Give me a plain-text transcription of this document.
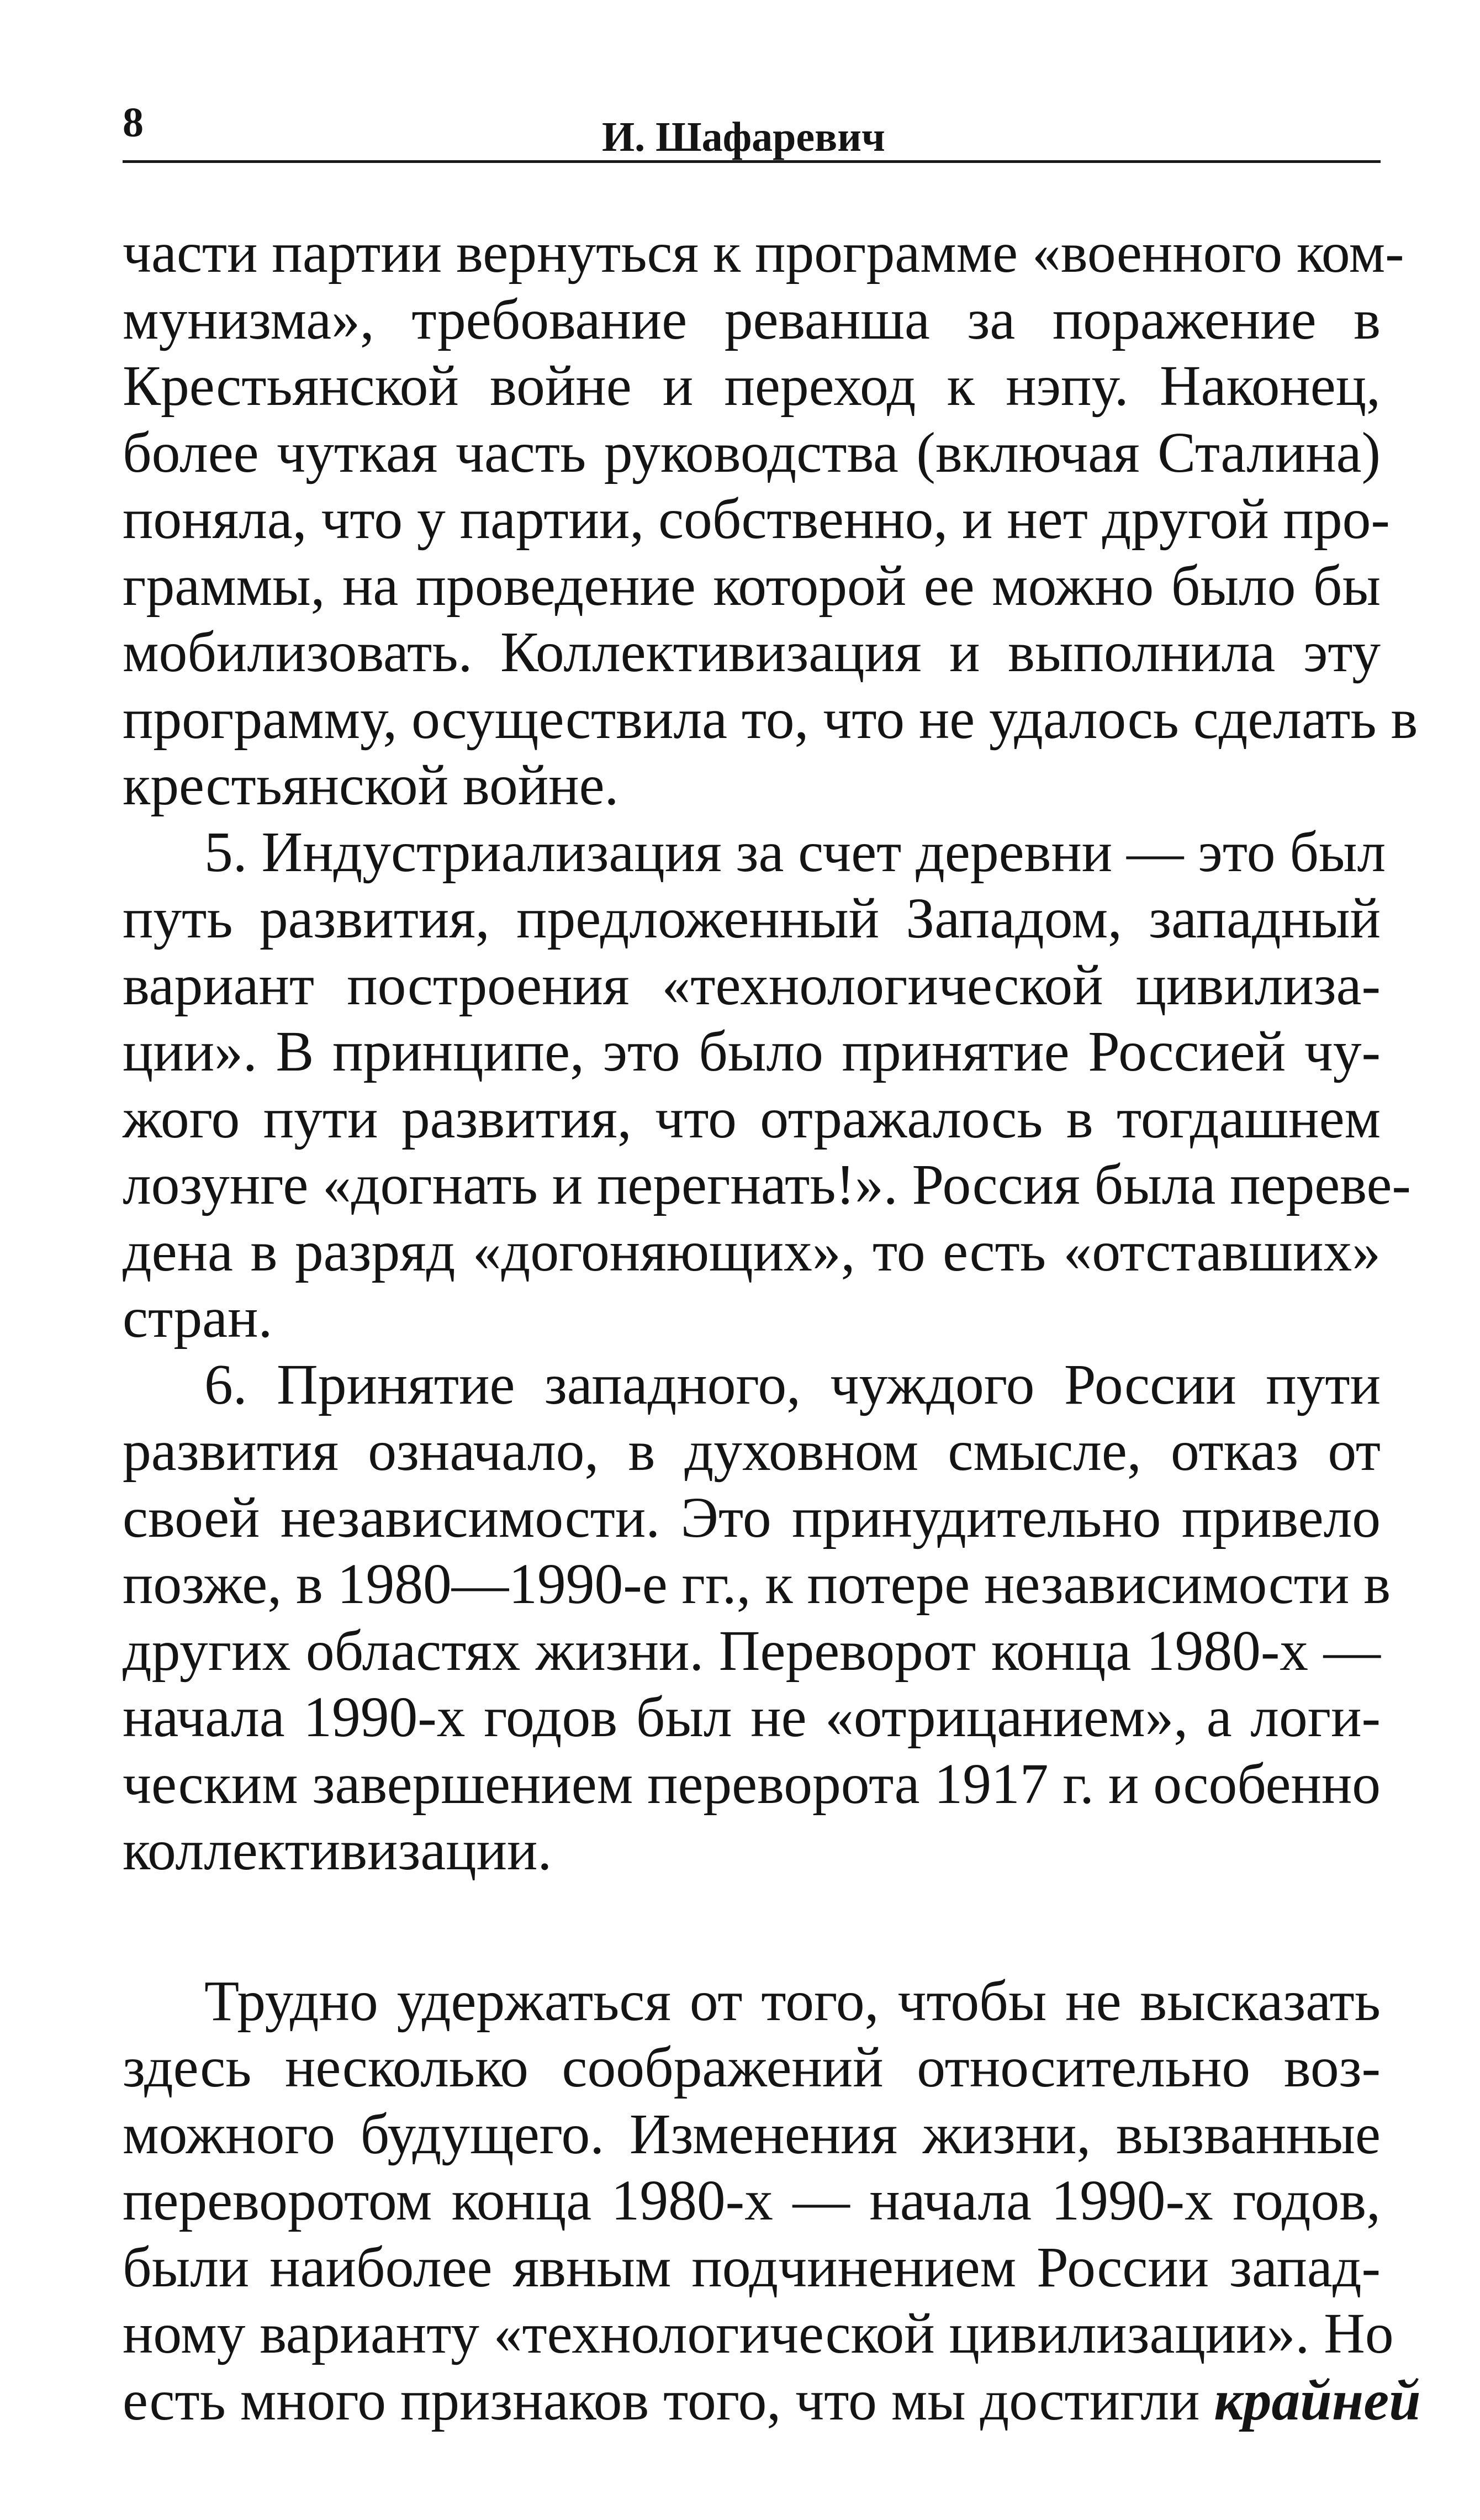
8	И. Шафаревич

части партии вернуться к программе «военного ком-
мунизма», требование реванша за поражение в
Крестьянской войне и переход к нэпу. Наконец,
более чуткая часть руководства (включая Сталина)
поняла, что у партии, собственно, и нет другой про-
граммы, на проведение которой ее можно было бы
мобилизовать. Коллективизация и выполнила эту
программу, осуществила то, что не удалось сделать в
крестьянской войне.

5. Индустриализация за счет деревни — это был
путь развития, предложенный Западом, западный
вариант построения «технологической цивилиза-
ции». В принципе, это было принятие Россией чу-
жого пути развития, что отражалось в тогдашнем
лозунге «догнать и перегнать!». Россия была переве-
дена в разряд «догоняющих», то есть «отставших»
стран.

6. Принятие западного, чуждого России пути
развития означало, в духовном смысле, отказ от
своей независимости. Это принудительно привело
позже, в 1980—1990-е гг., к потере независимости в
других областях жизни. Переворот конца 1980-х —
начала 1990-х годов был не «отрицанием», а логи-
ческим завершением переворота 1917 г. и особенно
коллективизации.

Трудно удержаться от того, чтобы не высказать
здесь несколько соображений относительно воз-
можного будущего. Изменения жизни, вызванные
переворотом конца 1980-х — начала 1990-х годов,
были наиболее явным подчинением России запад-
ному варианту «технологической цивилизации». Но
есть много признаков того, что мы достигли крайней
